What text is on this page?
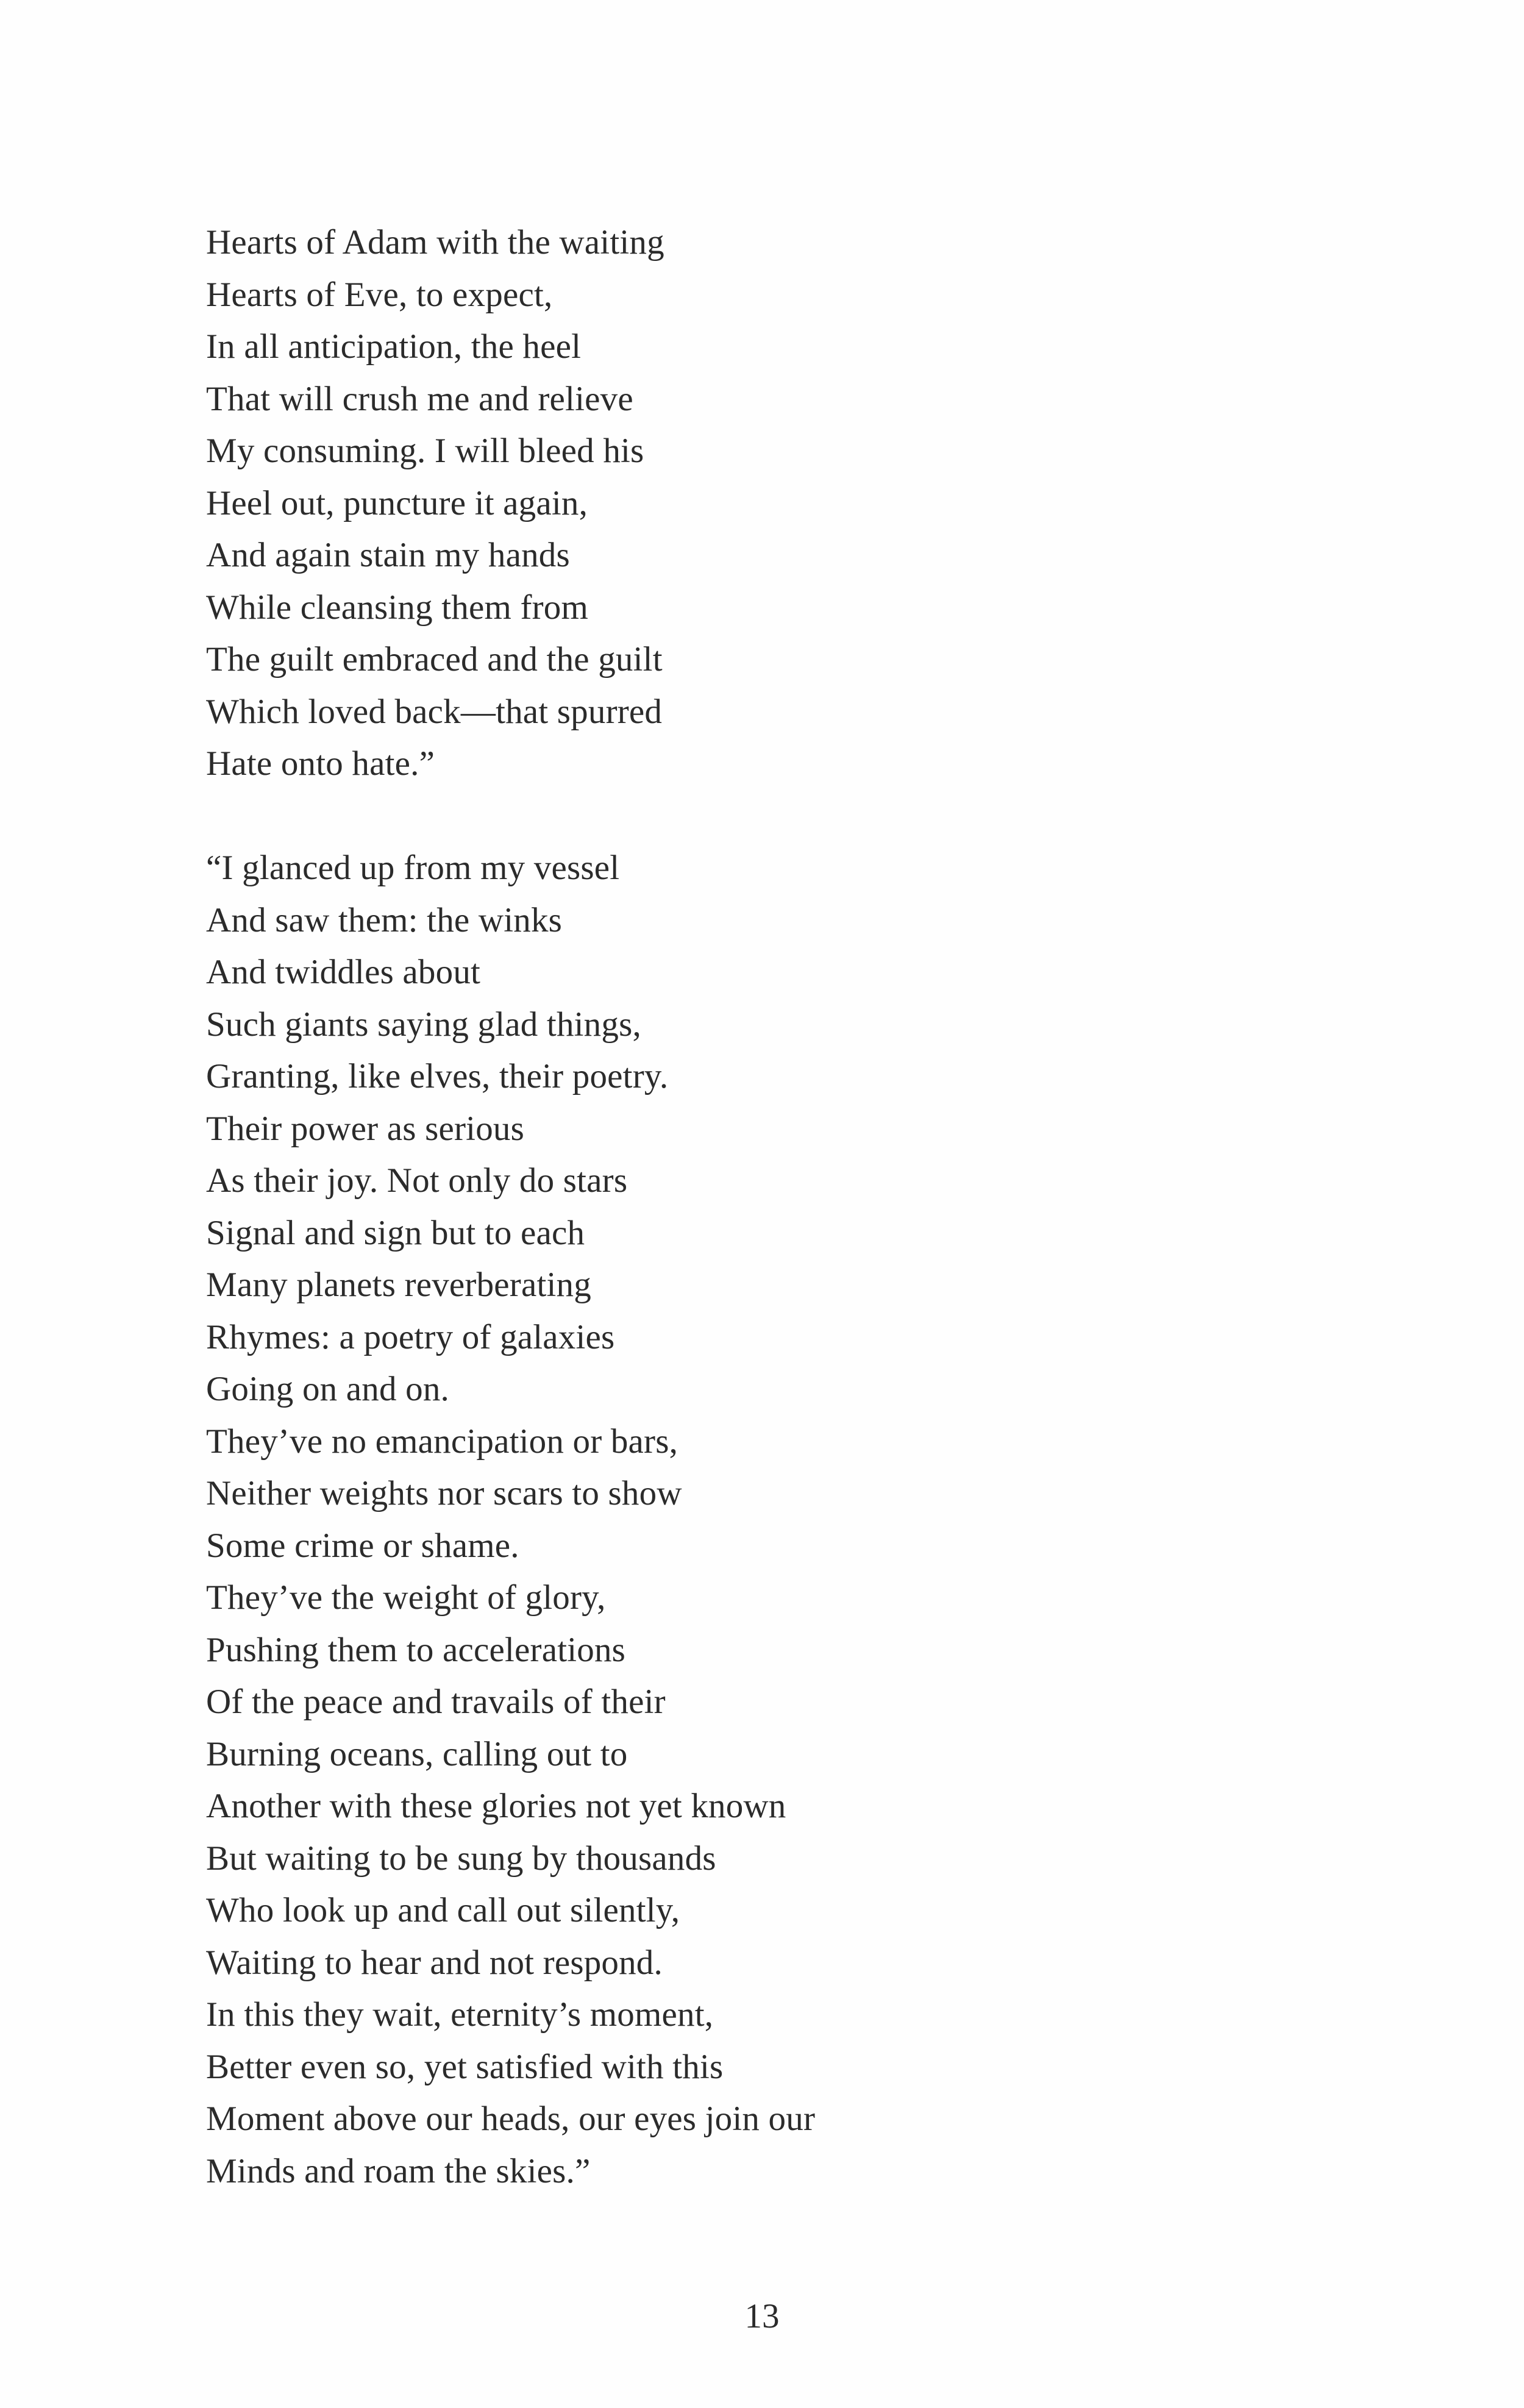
Hearts of Adam with the waiting
Hearts of Eve, to expect,
In all anticipation, the heel
That will crush me and relieve
My consuming. I will bleed his
Heel out, puncture it again,
And again stain my hands
While cleansing them from
The guilt embraced and the guilt
Which loved back—that spurred
Hate onto hate.”
“I glanced up from my vessel
And saw them: the winks
And twiddles about
Such giants saying glad things,
Granting, like elves, their poetry.
Their power as serious
As their joy. Not only do stars
Signal and sign but to each
Many planets reverberating
Rhymes: a poetry of galaxies
Going on and on.
They’ve no emancipation or bars,
Neither weights nor scars to show
Some crime or shame.
They’ve the weight of glory,
Pushing them to accelerations
Of the peace and travails of their
Burning oceans, calling out to
Another with these glories not yet known
But waiting to be sung by thousands
Who look up and call out silently,
Waiting to hear and not respond.
In this they wait, eternity’s moment,
Better even so, yet satisfied with this
Moment above our heads, our eyes join our
Minds and roam the skies.”
13
